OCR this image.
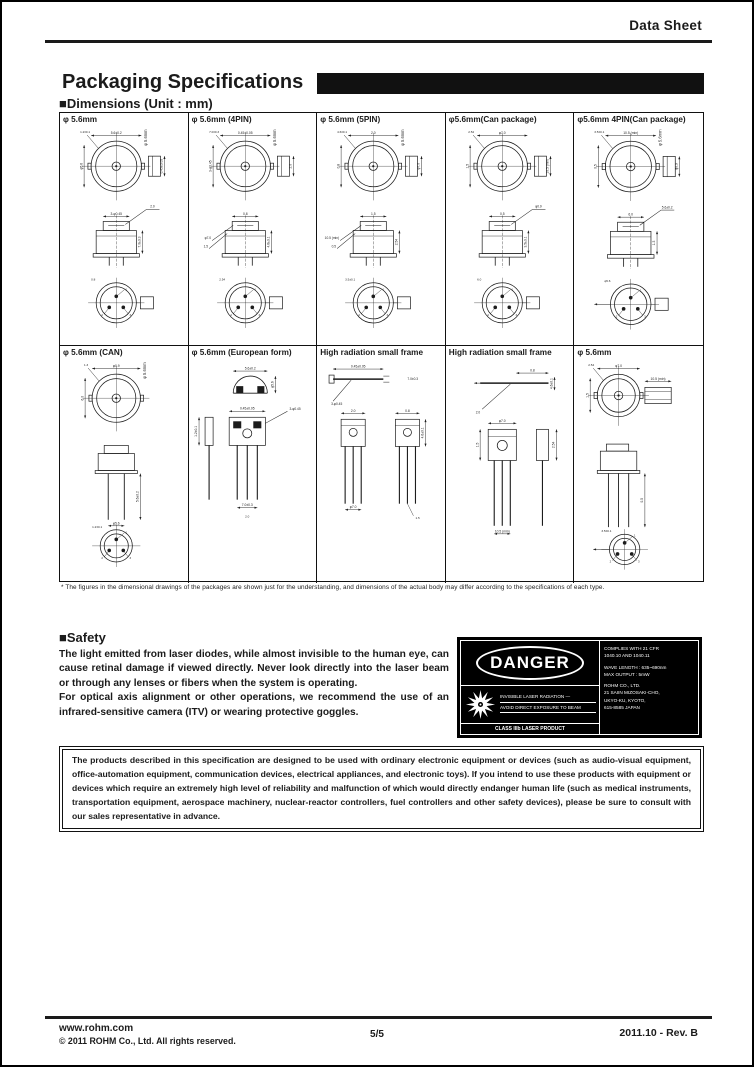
Data Sheet
Packaging Specifications
■Dimensions (Unit : mm)
φ 5.6mm
5.6±0.2
φ5.6
1.2±0.1
0.45±0.05
φ 5.6mm
3-φ0.45
7.0±0.3
2.0
1
2	3
0.8
φ 5.6mm (4PIN)
0.45±0.05
3-φ0.45
7.0±0.3
2.0
φ 5.6mm
0.8
4.6±0.1
φ7.0
1.5
1
2	3
2.54
φ 5.6mm (5PIN)
2.0
0.8
4.6±0.1
φ7.0
φ 5.6mm
1.5
2.54
10.5 (min)
0.5
1
2	3
3.5±0.1
φ5.6mm(Can package)
φ7.0
1.5
2.54
10.5 (min)
0.5
3.5±0.1
φ0.9
1
2	3
6.0
φ5.6mm 4PIN(Can package)
10.5 (min)
0.5
3.5±0.1
φ0.9
φ 5.6mm
6.0
1.3
5.6±0.2
1
2	3
φ5.6
φ 5.6mm (CAN)
φ0.9
6.0
1.3	φ 5.6mm
5.6±0.2
φ5.6
1
2	3
1.2±0.1
φ 5.6mm (European form)
5.6±0.2
φ5.6
1.2±0.1
0.45±0.05	3-φ0.45
7.0±0.3
2.0
High radiation small frame
0.45±0.05
3-φ0.45
7.0±0.3
2.0	0.8
4.6±0.1
φ7.0
1.5
High radiation small frame
2.0
0.8
4.6±0.1
φ7.0
1.5	2.54
10.5 (min)
φ 5.6mm
φ7.0
1.5
2.54
10.5 (min)
0.5
1
2	3
3.5±0.1
* The figures in the dimensional drawings of the packages are shown just for the understanding, and dimensions of the actual body may differ according to the specifications of each type.
■Safety

The light emitted from laser diodes, while almost invisible to the human eye, can cause retinal damage if viewed directly. Never look directly into the laser beam or through any lenses or fibers when the system is operating.

For optical axis alignment or other operations, we recommend the use of an infrared-sensitive camera (ITV) or wearing protective goggles.

DANGER
INVISIBLE LASER RADIATION —
AVOID DIRECT EXPOSURE TO BEAM
CLASS IIIb LASER PRODUCT
COMPLIES WITH 21 CFR
1040.10 AND 1040.11
WAVE LENGTH : 635~690nm
MAX OUTPUT : 5mW
ROHM CO., LTD.
21 SAIIN MIZOSAKI-CHO,
UKYO-KU, KYOTO,
615-8585 JAPAN
The products described in this specification are designed to be used with ordinary electronic equipment or devices (such as audio-visual equipment, office-automation equipment, communication devices, electrical appliances, and electronic toys). If you intend to use these products with equipment or devices which require an extremely high level of reliability and malfunction of which would directly endanger human life (such as medical instruments, transportation equipment, aerospace machinery, nuclear-reactor controllers, fuel controllers and other safety devices), please be sure to consult with our sales representative in advance.
www.rohm.com
© 2011 ROHM Co., Ltd. All rights reserved.
5/5	2011.10 - Rev. B
